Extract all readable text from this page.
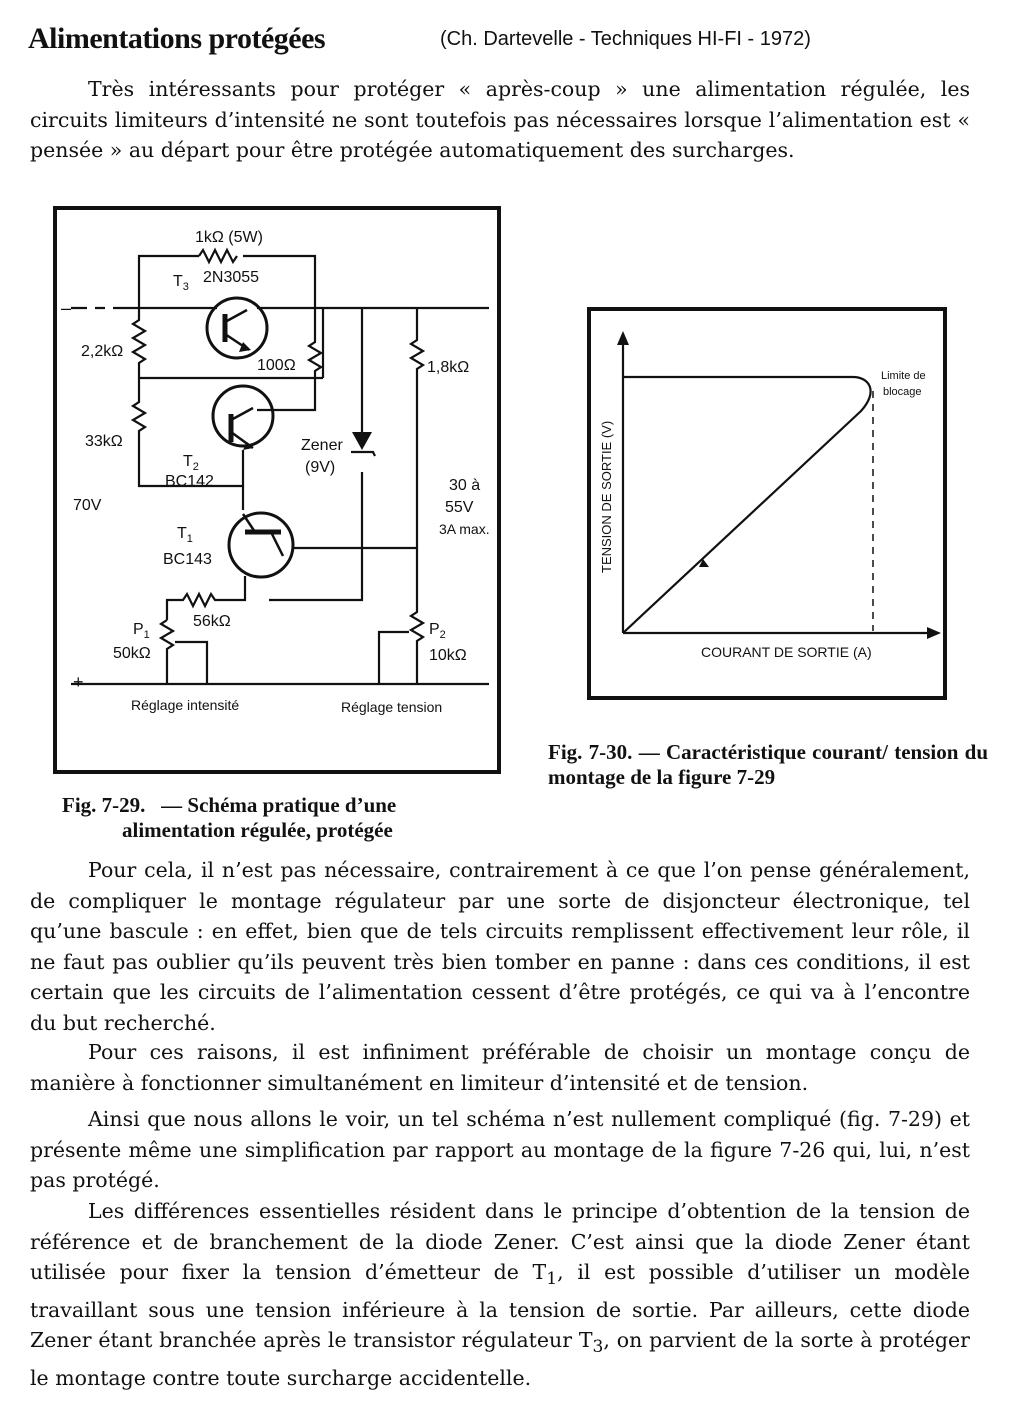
Alimentations protégées	(Ch. Dartevelle - Techniques HI-FI - 1972)

Très intéressants pour protéger « après-coup » une alimentation régulée, les circuits limiteurs d’intensité ne sont toutefois pas nécessaires lorsque l’alimentation est « pensée » au départ pour être protégée automatiquement des surcharges.

1kΩ (5W)
$T_3$
2N3055
–
2,2kΩ
100Ω	1,8kΩ
33kΩ	Zener
(9V)
$T_2$
BC142
70V
30 à
55V
3A max.
$T_1$
BC143
56kΩ
$P_1$
50kΩ
$P_2$
10kΩ
+
Réglage intensité	Réglage tension
TENSION DE SORTIE (V)
COURANT DE SORTIE (A)
Limite de
blocage
Fig. 7-29. — Schéma pratique d’une
alimentation régulée, protégée
Fig. 7-30. — Caractéristique courant/ tension du montage de la figure 7-29

Pour cela, il n’est pas nécessaire, contrairement à ce que l’on pense généralement, de compliquer le montage régulateur par une sorte de disjoncteur électronique, tel qu’une bascule : en effet, bien que de tels circuits remplissent effectivement leur rôle, il ne faut pas oublier qu’ils peuvent très bien tomber en panne : dans ces conditions, il est certain que les circuits de l’alimentation cessent d’être protégés, ce qui va à l’encontre du but recherché.

Pour ces raisons, il est infiniment préférable de choisir un montage conçu de manière à fonctionner simultanément en limiteur d’intensité et de tension.

Ainsi que nous allons le voir, un tel schéma n’est nullement compliqué (fig. 7-29) et présente même une simplification par rapport au montage de la figure 7-26 qui, lui, n’est pas protégé.

Les différences essentielles résident dans le principe d’obtention de la tension de référence et de branchement de la diode Zener. C’est ainsi que la diode Zener étant utilisée pour fixer la tension d’émetteur de $T_1$, il est possible d’utiliser un modèle travaillant sous une tension inférieure à la tension de sortie. Par ailleurs, cette diode Zener étant branchée après le transistor régulateur $T_3$, on parvient de la sorte à protéger le montage contre toute surcharge accidentelle.
